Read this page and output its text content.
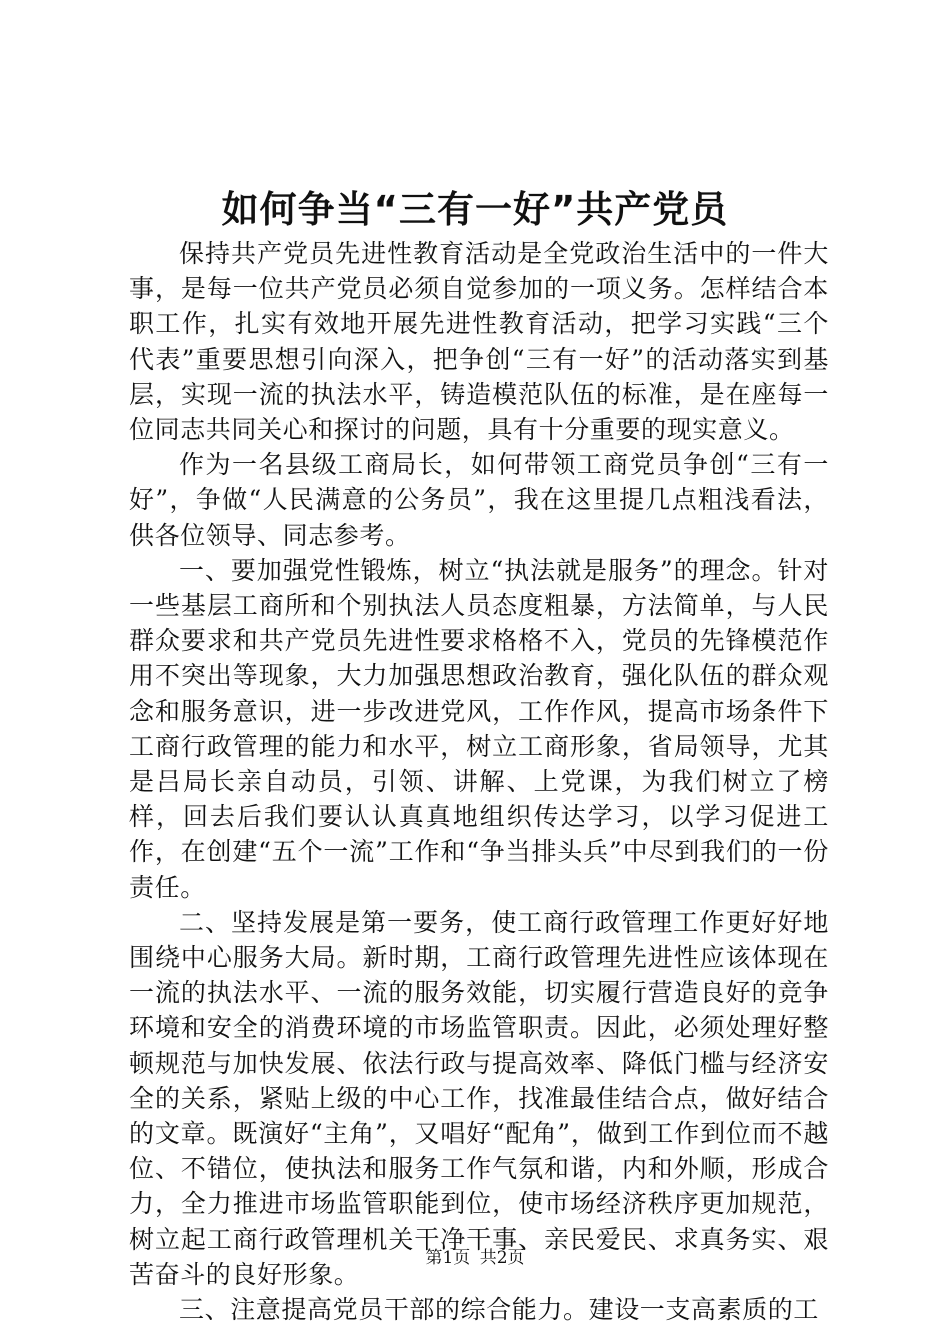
如何争当“三有一好”共产党员

保持共产党员先进性教育活动是全党政治生活中的一件大事，是每一位共产党员必须自觉参加的一项义务。怎样结合本职工作，扎实有效地开展先进性教育活动，把学习实践“三个代表”重要思想引向深入，把争创“三有一好”的活动落实到基层，实现一流的执法水平，铸造模范队伍的标准，是在座每一位同志共同关心和探讨的问题，具有十分重要的现实意义。

作为一名县级工商局长，如何带领工商党员争创“三有一好”，争做“人民满意的公务员”，我在这里提几点粗浅看法，供各位领导、同志参考。

一、要加强党性锻炼，树立“执法就是服务”的理念。针对一些基层工商所和个别执法人员态度粗暴，方法简单，与人民群众要求和共产党员先进性要求格格不入，党员的先锋模范作用不突出等现象，大力加强思想政治教育，强化队伍的群众观念和服务意识，进一步改进党风，工作作风，提高市场条件下工商行政管理的能力和水平，树立工商形象，省局领导，尤其是吕局长亲自动员，引领、讲解、上党课，为我们树立了榜样，回去后我们要认认真真地组织传达学习，以学习促进工作，在创建“五个一流”工作和“争当排头兵”中尽到我们的一份责任。

二、坚持发展是第一要务，使工商行政管理工作更好好地围绕中心服务大局。新时期，工商行政管理先进性应该体现在一流的执法水平、一流的服务效能，切实履行营造良好的竞争环境和安全的消费环境的市场监管职责。因此，必须处理好整顿规范与加快发展、依法行政与提高效率、降低门槛与经济安全的关系，紧贴上级的中心工作，找准最佳结合点，做好结合的文章。既演好“主角”，又唱好“配角”，做到工作到位而不越位、不错位，使执法和服务工作气氛和谐，内和外顺，形成合力，全力推进市场监管职能到位，使市场经济秩序更加规范，树立起工商行政管理机关干净干事、亲民爱民、求真务实、艰苦奋斗的良好形象。

三、注意提高党员干部的综合能力。建设一支高素质的工

第1页 共2页
